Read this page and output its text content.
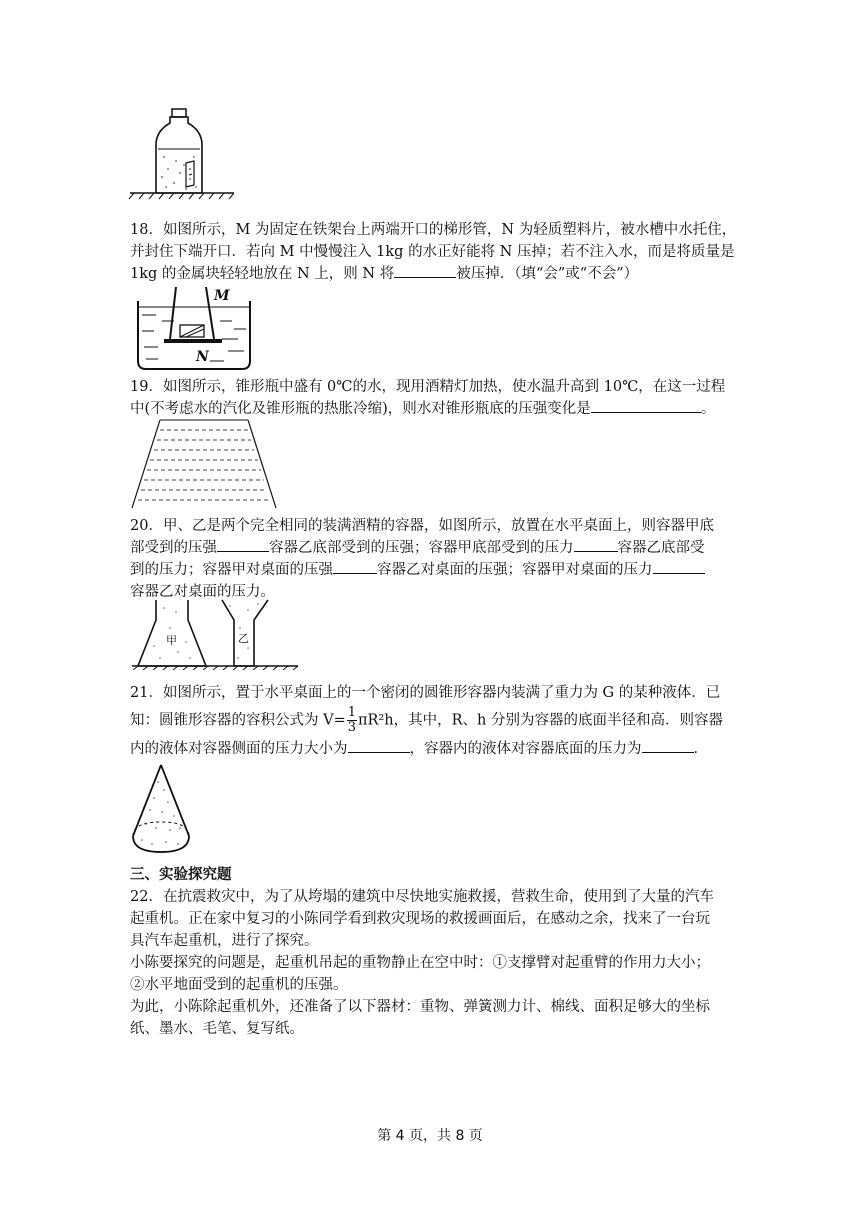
18．如图所示，M 为固定在铁架台上两端开口的梯形管，N 为轻质塑料片，被水槽中水托住，
并封住下端开口．若向 M 中慢慢注入 1kg 的水正好能将 N 压掉；若不注入水，而是将质量是
1kg 的金属块轻轻地放在 N 上，则 N 将	被压掉．（填“会”或“不会”）
M
N
19．如图所示，锥形瓶中盛有 0℃的水，现用酒精灯加热，使水温升高到 10℃，在这一过程
中(不考虑水的汽化及锥形瓶的热胀冷缩)，则水对锥形瓶底的压强变化是	。
20．甲、乙是两个完全相同的装满酒精的容器，如图所示，放置在水平桌面上，则容器甲底
部受到的压强	容器乙底部受到的压强；容器甲底部受到的压力	容器乙底部受
到的压力；容器甲对桌面的压强	容器乙对桌面的压强；容器甲对桌面的压力
容器乙对桌面的压力。
甲	乙
21．如图所示，置于水平桌面上的一个密闭的圆锥形容器内装满了重力为 G 的某种液体．已
知：圆锥形容器的容积公式为 $V= \frac{1}{3} \pi R^2h$，其中，R、h 分别为容器的底面半径和高．则容器
内的液体对容器侧面的压力大小为	，容器内的液体对容器底面的压力为	．
三、实验探究题
22．在抗震救灾中，为了从垮塌的建筑中尽快地实施救援，营救生命，使用到了大量的汽车
起重机。正在家中复习的小陈同学看到救灾现场的救援画面后，在感动之余，找来了一台玩
具汽车起重机，进行了探究。
小陈要探究的问题是，起重机吊起的重物静止在空中时：①支撑臂对起重臂的作用力大小；
②水平地面受到的起重机的压强。
为此，小陈除起重机外，还准备了以下器材：重物、弹簧测力计、棉线、面积足够大的坐标
纸、墨水、毛笔、复写纸。
第 4 页，共 8 页
